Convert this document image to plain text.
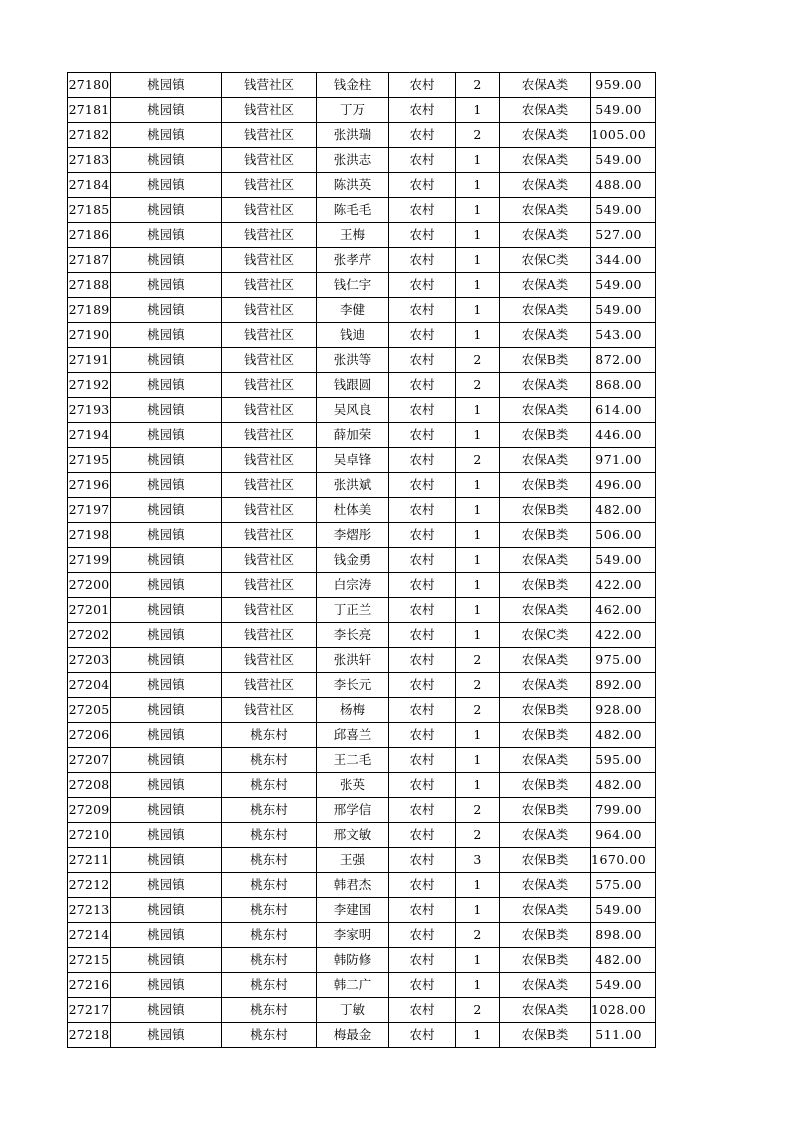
27180	桃园镇	钱营社区	钱金柱	农村	2	农保A类	959.00
27181	桃园镇	钱营社区	丁万	农村	1	农保A类	549.00
27182	桃园镇	钱营社区	张洪瑞	农村	2	农保A类	1005.00
27183	桃园镇	钱营社区	张洪志	农村	1	农保A类	549.00
27184	桃园镇	钱营社区	陈洪英	农村	1	农保A类	488.00
27185	桃园镇	钱营社区	陈毛毛	农村	1	农保A类	549.00
27186	桃园镇	钱营社区	王梅	农村	1	农保A类	527.00
27187	桃园镇	钱营社区	张孝芹	农村	1	农保C类	344.00
27188	桃园镇	钱营社区	钱仁宇	农村	1	农保A类	549.00
27189	桃园镇	钱营社区	李健	农村	1	农保A类	549.00
27190	桃园镇	钱营社区	钱迪	农村	1	农保A类	543.00
27191	桃园镇	钱营社区	张洪等	农村	2	农保B类	872.00
27192	桃园镇	钱营社区	钱跟圆	农村	2	农保A类	868.00
27193	桃园镇	钱营社区	吴风良	农村	1	农保A类	614.00
27194	桃园镇	钱营社区	薛加荣	农村	1	农保B类	446.00
27195	桃园镇	钱营社区	吴卓锋	农村	2	农保A类	971.00
27196	桃园镇	钱营社区	张洪斌	农村	1	农保B类	496.00
27197	桃园镇	钱营社区	杜体美	农村	1	农保B类	482.00
27198	桃园镇	钱营社区	李熠彤	农村	1	农保B类	506.00
27199	桃园镇	钱营社区	钱金勇	农村	1	农保A类	549.00
27200	桃园镇	钱营社区	白宗涛	农村	1	农保B类	422.00
27201	桃园镇	钱营社区	丁正兰	农村	1	农保A类	462.00
27202	桃园镇	钱营社区	李长亮	农村	1	农保C类	422.00
27203	桃园镇	钱营社区	张洪轩	农村	2	农保A类	975.00
27204	桃园镇	钱营社区	李长元	农村	2	农保A类	892.00
27205	桃园镇	钱营社区	杨梅	农村	2	农保B类	928.00
27206	桃园镇	桃东村	邱喜兰	农村	1	农保B类	482.00
27207	桃园镇	桃东村	王二毛	农村	1	农保A类	595.00
27208	桃园镇	桃东村	张英	农村	1	农保B类	482.00
27209	桃园镇	桃东村	邢学信	农村	2	农保B类	799.00
27210	桃园镇	桃东村	邢文敏	农村	2	农保A类	964.00
27211	桃园镇	桃东村	王强	农村	3	农保B类	1670.00
27212	桃园镇	桃东村	韩君杰	农村	1	农保A类	575.00
27213	桃园镇	桃东村	李建国	农村	1	农保A类	549.00
27214	桃园镇	桃东村	李家明	农村	2	农保B类	898.00
27215	桃园镇	桃东村	韩防修	农村	1	农保B类	482.00
27216	桃园镇	桃东村	韩二广	农村	1	农保A类	549.00
27217	桃园镇	桃东村	丁敏	农村	2	农保A类	1028.00
27218	桃园镇	桃东村	梅最金	农村	1	农保B类	511.00
